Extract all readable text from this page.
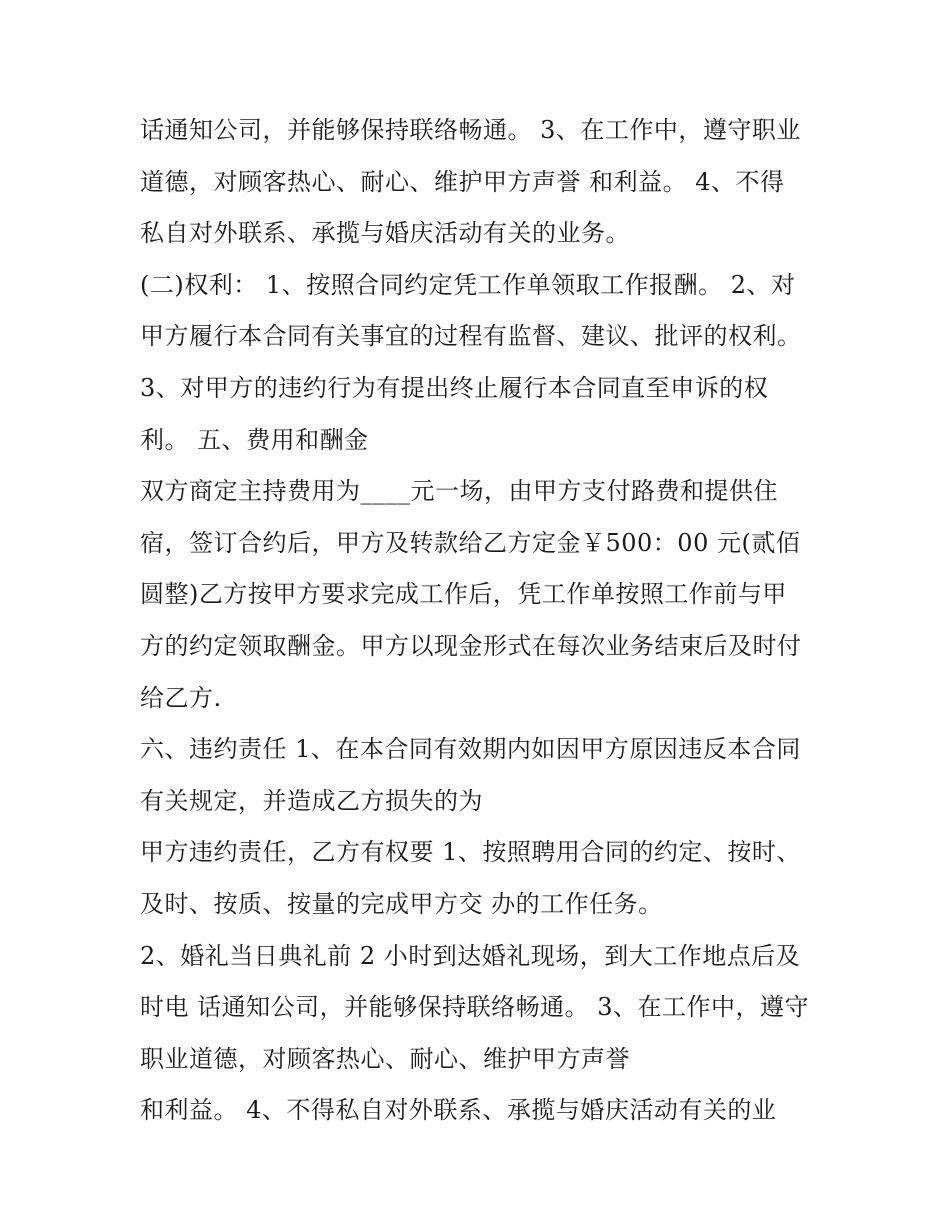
话通知公司，并能够保持联络畅通。 3、在工作中，遵守职业
道德，对顾客热心、耐心、维护甲方声誉 和利益。 4、不得
私自对外联系、承揽与婚庆活动有关的业务。
(二)权利： 1、按照合同约定凭工作单领取工作报酬。 2、对
甲方履行本合同有关事宜的过程有监督、建议、批评的权利。
3、对甲方的违约行为有提出终止履行本合同直至申诉的权
利。 五、费用和酬金
双方商定主持费用为____元一场，由甲方支付路费和提供住
宿，签订合约后，甲方及转款给乙方定金￥500：00 元(贰佰
圆整)乙方按甲方要求完成工作后，凭工作单按照工作前与甲
方的约定领取酬金。甲方以现金形式在每次业务结束后及时付
给乙方.
六、违约责任 1、在本合同有效期内如因甲方原因违反本合同
有关规定，并造成乙方损失的为
甲方违约责任，乙方有权要 1、按照聘用合同的约定、按时、
及时、按质、按量的完成甲方交 办的工作任务。
2、婚礼当日典礼前 2 小时到达婚礼现场，到大工作地点后及
时电 话通知公司，并能够保持联络畅通。 3、在工作中，遵守
职业道德，对顾客热心、耐心、维护甲方声誉
和利益。 4、不得私自对外联系、承揽与婚庆活动有关的业
